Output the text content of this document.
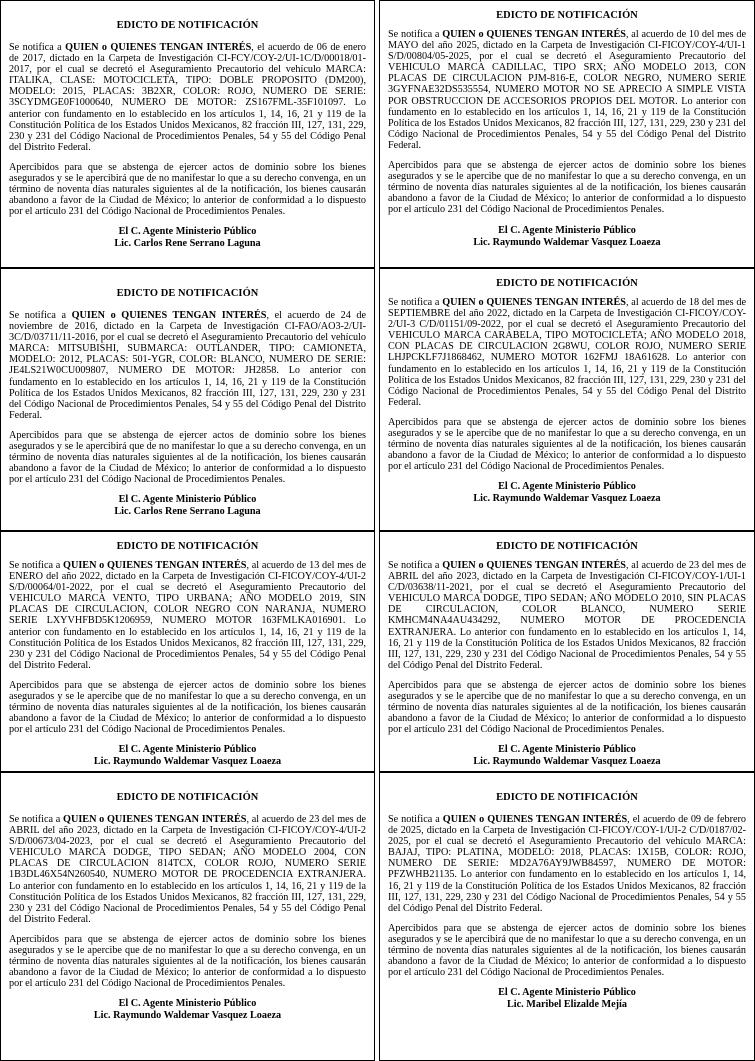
EDICTO DE NOTIFICACIÓN

Se notifica a QUIEN o QUIENES TENGAN INTERÉS, el acuerdo de 06 de enero de 2017, dictado en la Carpeta de Investigación CI-FCY/COY-2/UI-1C/D/00018/01-2017, por el cual se decretó el Aseguramiento Precautorio del vehículo MARCA: ITALIKA, CLASE: MOTOCICLETA, TIPO: DOBLE PROPOSITO (DM200), MODELO: 2015, PLACAS: 3B2XR, COLOR: ROJO, NUMERO DE SERIE: 3SCYDMGE0F1000640, NUMERO DE MOTOR: ZS167FML-35F101097. Lo anterior con fundamento en lo establecido en los artículos 1, 14, 16, 21 y 119 de la Constitución Política de los Estados Unidos Mexicanos, 82 fracción III, 127, 131, 229, 230 y 231 del Código Nacional de Procedimientos Penales, 54 y 55 del Código Penal del Distrito Federal.

Apercibidos para que se abstenga de ejercer actos de dominio sobre los bienes asegurados y se le apercibirá que de no manifestar lo que a su derecho convenga, en un término de noventa días naturales siguientes al de la notificación, los bienes causarán abandono a favor de la Ciudad de México; lo anterior de conformidad a lo dispuesto por el artículo 231 del Código Nacional de Procedimientos Penales.

El C. Agente Ministerio Público
Lic. Carlos Rene Serrano Laguna
EDICTO DE NOTIFICACIÓN

Se notifica a QUIEN o QUIENES TENGAN INTERÉS, al acuerdo de 10 del mes de MAYO del año 2025, dictado en la Carpeta de Investigación CI-FICOY/COY-4/UI-1 S/D/00804/05-2025, por el cual se decretó el Aseguramiento Precautorio del VEHICULO MARCA CADILLAC, TIPO SRX; AÑO MODELO 2013, CON PLACAS DE CIRCULACION PJM-816-E, COLOR NEGRO, NUMERO SERIE 3GYFNAE32DS535554, NUMERO MOTOR NO SE APRECIO A SIMPLE VISTA POR OBSTRUCCION DE ACCESORIOS PROPIOS DEL MOTOR. Lo anterior con fundamento en lo establecido en los artículos 1, 14, 16, 21 y 119 de la Constitución Política de los Estados Unidos Mexicanos, 82 fracción III, 127, 131, 229, 230 y 231 del Código Nacional de Procedimientos Penales, 54 y 55 del Código Penal del Distrito Federal.

Apercibidos para que se abstenga de ejercer actos de dominio sobre los bienes asegurados y se le apercibe que de no manifestar lo que a su derecho convenga, en un término de noventa días naturales siguientes al de la notificación, los bienes causarán abandono a favor de la Ciudad de México; lo anterior de conformidad a lo dispuesto por el artículo 231 del Código Nacional de Procedimientos Penales.

El C. Agente Ministerio Público
Lic. Raymundo Waldemar Vasquez Loaeza
EDICTO DE NOTIFICACIÓN

Se notifica a QUIEN o QUIENES TENGAN INTERÉS, el acuerdo de 24 de noviembre de 2016, dictado en la Carpeta de Investigación CI-FAO/AO3-2/UI-3C/D/03711/11-2016, por el cual se decretó el Aseguramiento Precautorio del vehículo MARCA: MITSUBISHI, SUBMARCA: OUTLANDER, TIPO: CAMIONETA, MODELO: 2012, PLACAS: 501-YGR, COLOR: BLANCO, NUMERO DE SERIE: JE4LS21W0CU009807, NUMERO DE MOTOR: JH2858. Lo anterior con fundamento en lo establecido en los artículos 1, 14, 16, 21 y 119 de la Constitución Política de los Estados Unidos Mexicanos, 82 fracción III, 127, 131, 229, 230 y 231 del Código Nacional de Procedimientos Penales, 54 y 55 del Código Penal del Distrito Federal.

Apercibidos para que se abstenga de ejercer actos de dominio sobre los bienes asegurados y se le apercibirá que de no manifestar lo que a su derecho convenga, en un término de noventa días naturales siguientes al de la notificación, los bienes causarán abandono a favor de la Ciudad de México; lo anterior de conformidad a lo dispuesto por el artículo 231 del Código Nacional de Procedimientos Penales.

El C. Agente Ministerio Público
Lic. Carlos Rene Serrano Laguna
EDICTO DE NOTIFICACIÓN

Se notifica a QUIEN o QUIENES TENGAN INTERÉS, al acuerdo de 18 del mes de SEPTIEMBRE del año 2022, dictado en la Carpeta de Investigación CI-FICOY/COY-2/UI-3 C/D/01151/09-2022, por el cual se decretó el Aseguramiento Precautorio del VEHICULO MARCA CARABELA, TIPO MOTOCICLETA; AÑO MODELO 2018, CON PLACAS DE CIRCULACION 2G8WU, COLOR ROJO, NUMERO SERIE LHJPCKLF7J1868462, NUMERO MOTOR 162FMJ 18A61628. Lo anterior con fundamento en lo establecido en los artículos 1, 14, 16, 21 y 119 de la Constitución Política de los Estados Unidos Mexicanos, 82 fracción III, 127, 131, 229, 230 y 231 del Código Nacional de Procedimientos Penales, 54 y 55 del Código Penal del Distrito Federal.

Apercibidos para que se abstenga de ejercer actos de dominio sobre los bienes asegurados y se le apercibe que de no manifestar lo que a su derecho convenga, en un término de noventa días naturales siguientes al de la notificación, los bienes causarán abandono a favor de la Ciudad de México; lo anterior de conformidad a lo dispuesto por el artículo 231 del Código Nacional de Procedimientos Penales.

El C. Agente Ministerio Público
Lic. Raymundo Waldemar Vasquez Loaeza
EDICTO DE NOTIFICACIÓN

Se notifica a QUIEN o QUIENES TENGAN INTERÉS, al acuerdo de 13 del mes de ENERO del año 2022, dictado en la Carpeta de Investigación CI-FICOY/COY-4/UI-2 S/D/00064/01-2022, por el cual se decretó el Aseguramiento Precautorio del VEHICULO MARCA VENTO, TIPO URBANA; AÑO MODELO 2019, SIN PLACAS DE CIRCULACION, COLOR NEGRO CON NARANJA, NUMERO SERIE LXYVHFBD5K1206959, NUMERO MOTOR 163FMLKA016901. Lo anterior con fundamento en lo establecido en los artículos 1, 14, 16, 21 y 119 de la Constitución Política de los Estados Unidos Mexicanos, 82 fracción III, 127, 131, 229, 230 y 231 del Código Nacional de Procedimientos Penales, 54 y 55 del Código Penal del Distrito Federal.

Apercibidos para que se abstenga de ejercer actos de dominio sobre los bienes asegurados y se le apercibe que de no manifestar lo que a su derecho convenga, en un término de noventa días naturales siguientes al de la notificación, los bienes causarán abandono a favor de la Ciudad de México; lo anterior de conformidad a lo dispuesto por el artículo 231 del Código Nacional de Procedimientos Penales.

El C. Agente Ministerio Público
Lic. Raymundo Waldemar Vasquez Loaeza
EDICTO DE NOTIFICACIÓN

Se notifica a QUIEN o QUIENES TENGAN INTERÉS, al acuerdo de 23 del mes de ABRIL del año 2023, dictado en la Carpeta de Investigación CI-FICOY/COY-1/UI-1 C/D/03638/11-2021, por el cual se decretó el Aseguramiento Precautorio del VEHICULO MARCA DODGE, TIPO SEDAN; AÑO MODELO 2010, SIN PLACAS DE CIRCULACION, COLOR BLANCO, NUMERO SERIE KMHCM4NA4AU434292, NUMERO MOTOR DE PROCEDENCIA EXTRANJERA. Lo anterior con fundamento en lo establecido en los artículos 1, 14, 16, 21 y 119 de la Constitución Política de los Estados Unidos Mexicanos, 82 fracción III, 127, 131, 229, 230 y 231 del Código Nacional de Procedimientos Penales, 54 y 55 del Código Penal del Distrito Federal.

Apercibidos para que se abstenga de ejercer actos de dominio sobre los bienes asegurados y se le apercibe que de no manifestar lo que a su derecho convenga, en un término de noventa días naturales siguientes al de la notificación, los bienes causarán abandono a favor de la Ciudad de México; lo anterior de conformidad a lo dispuesto por el artículo 231 del Código Nacional de Procedimientos Penales.

El C. Agente Ministerio Público
Lic. Raymundo Waldemar Vasquez Loaeza
EDICTO DE NOTIFICACIÓN

Se notifica a QUIEN o QUIENES TENGAN INTERÉS, al acuerdo de 23 del mes de ABRIL del año 2023, dictado en la Carpeta de Investigación CI-FICOY/COY-4/UI-2 S/D/00673/04-2023, por el cual se decretó el Aseguramiento Precautorio del VEHICULO MARCA DODGE, TIPO SEDAN; AÑO MODELO 2004, CON PLACAS DE CIRCULACION 814TCX, COLOR ROJO, NUMERO SERIE 1B3DL46X54N260540, NUMERO MOTOR DE PROCEDENCIA EXTRANJERA. Lo anterior con fundamento en lo establecido en los artículos 1, 14, 16, 21 y 119 de la Constitución Política de los Estados Unidos Mexicanos, 82 fracción III, 127, 131, 229, 230 y 231 del Código Nacional de Procedimientos Penales, 54 y 55 del Código Penal del Distrito Federal.

Apercibidos para que se abstenga de ejercer actos de dominio sobre los bienes asegurados y se le apercibe que de no manifestar lo que a su derecho convenga, en un término de noventa días naturales siguientes al de la notificación, los bienes causarán abandono a favor de la Ciudad de México; lo anterior de conformidad a lo dispuesto por el artículo 231 del Código Nacional de Procedimientos Penales.

El C. Agente Ministerio Público
Lic. Raymundo Waldemar Vasquez Loaeza
EDICTO DE NOTIFICACIÓN

Se notifica a QUIEN o QUIENES TENGAN INTERÉS, el acuerdo de 09 de febrero de 2025, dictado en la Carpeta de Investigación CI-FICOY/COY-1/UI-2 C/D/0187/02-2025, por el cual se decretó el Aseguramiento Precautorio del vehículo MARCA: BAJAJ, TIPO: PLATINA, MODELO: 2018, PLACAS: 1X15B, COLOR: ROJO, NUMERO DE SERIE: MD2A76AY9JWB84597, NUMERO DE MOTOR: PFZWHB21135. Lo anterior con fundamento en lo establecido en los artículos 1, 14, 16, 21 y 119 de la Constitución Política de los Estados Unidos Mexicanos, 82 fracción III, 127, 131, 229, 230 y 231 del Código Nacional de Procedimientos Penales, 54 y 55 del Código Penal del Distrito Federal.

Apercibidos para que se abstenga de ejercer actos de dominio sobre los bienes asegurados y se le apercibirá que de no manifestar lo que a su derecho convenga, en un término de noventa días naturales siguientes al de la notificación, los bienes causarán abandono a favor de la Ciudad de México; lo anterior de conformidad a lo dispuesto por el artículo 231 del Código Nacional de Procedimientos Penales.

El C. Agente Ministerio Público
Lic. Maribel Elizalde Mejía
